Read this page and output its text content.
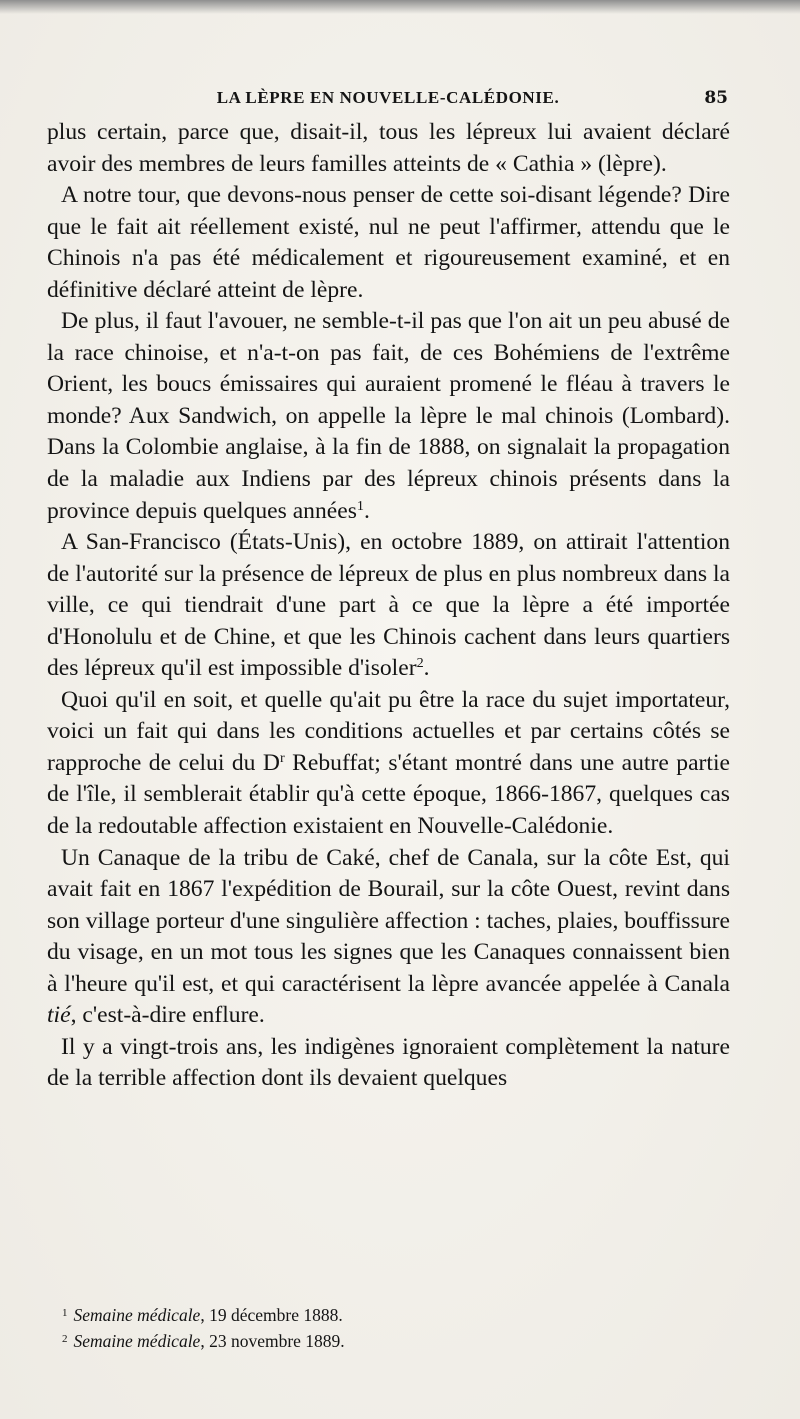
LA LÈPRE EN NOUVELLE-CALÉDONIE.	85

plus certain, parce que, disait-il, tous les lépreux lui avaient déclaré avoir des membres de leurs familles atteints de « Cathia » (lèpre).

A notre tour, que devons-nous penser de cette soi-disant légende? Dire que le fait ait réellement existé, nul ne peut l'affirmer, attendu que le Chinois n'a pas été médicalement et rigoureusement examiné, et en définitive déclaré atteint de lèpre.

De plus, il faut l'avouer, ne semble-t-il pas que l'on ait un peu abusé de la race chinoise, et n'a-t-on pas fait, de ces Bohémiens de l'extrême Orient, les boucs émissaires qui auraient promené le fléau à travers le monde? Aux Sandwich, on appelle la lèpre le mal chinois (Lombard). Dans la Colombie anglaise, à la fin de 1888, on signalait la propagation de la maladie aux Indiens par des lépreux chinois présents dans la province depuis quelques années$^1$.

A San-Francisco (États-Unis), en octobre 1889, on attirait l'attention de l'autorité sur la présence de lépreux de plus en plus nombreux dans la ville, ce qui tiendrait d'une part à ce que la lèpre a été importée d'Honolulu et de Chine, et que les Chinois cachent dans leurs quartiers des lépreux qu'il est impossible d'isoler$^2$.

Quoi qu'il en soit, et quelle qu'ait pu être la race du sujet importateur, voici un fait qui dans les conditions actuelles et par certains côtés se rapproche de celui du $D^r$ Rebuffat; s'étant montré dans une autre partie de l'île, il semblerait établir qu'à cette époque, 1866-1867, quelques cas de la redoutable affection existaient en Nouvelle-Calédonie.

Un Canaque de la tribu de Caké, chef de Canala, sur la côte Est, qui avait fait en 1867 l'expédition de Bourail, sur la côte Ouest, revint dans son village porteur d'une singulière affection : taches, plaies, bouffissure du visage, en un mot tous les signes que les Canaques connaissent bien à l'heure qu'il est, et qui caractérisent la lèpre avancée appelée à Canala tié, c'est-à-dire enflure.

Il y a vingt-trois ans, les indigènes ignoraient complètement la nature de la terrible affection dont ils devaient quelques

$^1$ Semaine médicale, 19 décembre 1888.
$^2$ Semaine médicale, 23 novembre 1889.
